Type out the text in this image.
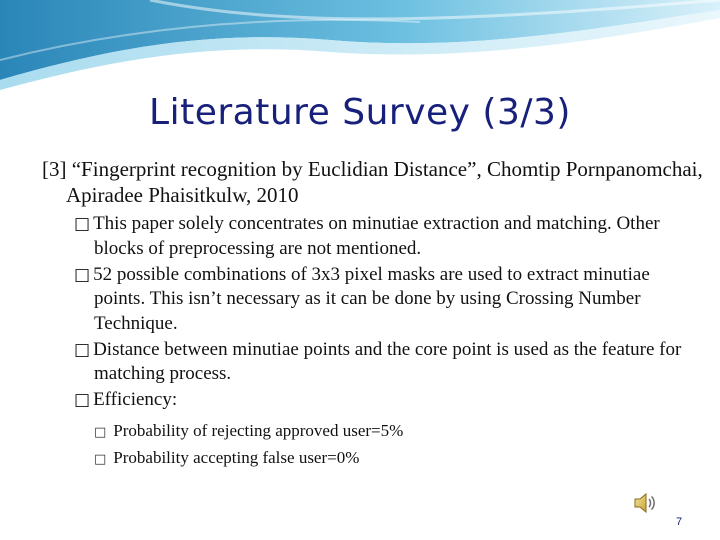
Literature Survey (3/3)
[3] “Fingerprint recognition by Euclidian Distance”, Chomtip Pornpanomchai, Apiradee Phaisitkulw, 2010
□ This paper solely concentrates on minutiae extraction and matching. Other blocks of preprocessing are not mentioned.
□ 52 possible combinations of 3x3 pixel masks are used to extract minutiae points. This isn’t necessary as it can be done by using Crossing Number Technique.
□ Distance between minutiae points and the core point is used as the feature for matching process.
□ Efficiency:
□ Probability of rejecting approved user=5%
□ Probability accepting false user=0%
7
